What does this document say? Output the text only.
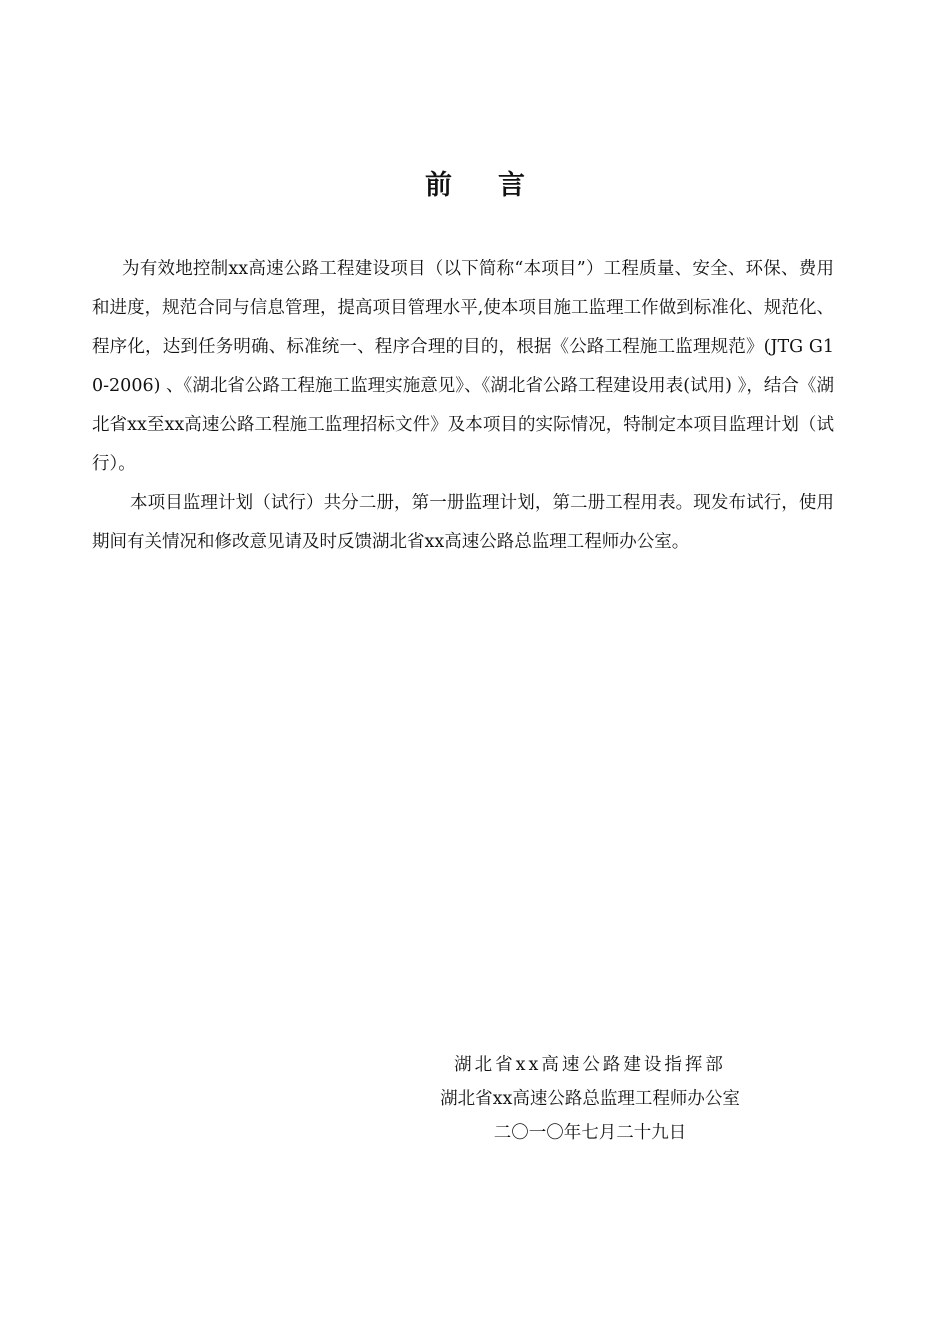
前言

为有效地控制xx高速公路工程建设项目（以下简称“本项目”）工程质量、安全、环保、费用和进度，规范合同与信息管理，提高项目管理水平,使本项目施工监理工作做到标准化、规范化、程序化，达到任务明确、标准统一、程序合理的目的，根据《公路工程施工监理规范》(JTG G10-2006) 、《湖北省公路工程施工监理实施意见》、《湖北省公路工程建设用表(试用) 》，结合《湖北省xx至xx高速公路工程施工监理招标文件》及本项目的实际情况，特制定本项目监理计划（试行）。

本项目监理计划（试行）共分二册，第一册监理计划，第二册工程用表。现发布试行，使用期间有关情况和修改意见请及时反馈湖北省xx高速公路总监理工程师办公室。

湖北省xx高速公路建设指挥部
湖北省xx高速公路总监理工程师办公室
二〇一〇年七月二十九日
